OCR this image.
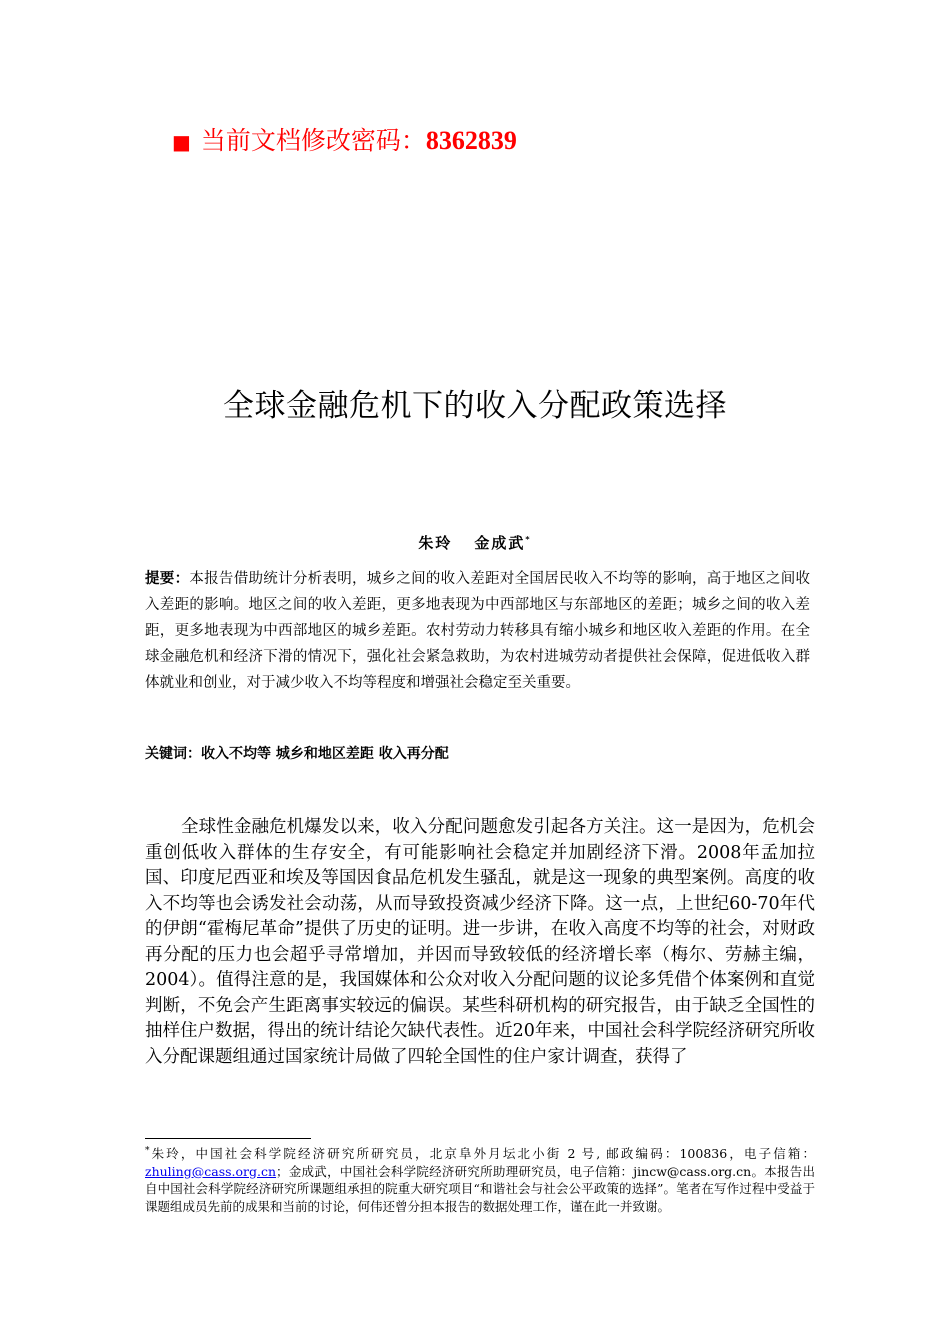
■ 当前文档修改密码：8362839
全球金融危机下的收入分配政策选择
朱玲 金成武*
提要：本报告借助统计分析表明，城乡之间的收入差距对全国居民收入不均等的影响，高于地区之间收入差距的影响。地区之间的收入差距，更多地表现为中西部地区与东部地区的差距；城乡之间的收入差距，更多地表现为中西部地区的城乡差距。农村劳动力转移具有缩小城乡和地区收入差距的作用。在全球金融危机和经济下滑的情况下，强化社会紧急救助，为农村进城劳动者提供社会保障，促进低收入群体就业和创业，对于减少收入不均等程度和增强社会稳定至关重要。
关键词：收入不均等 城乡和地区差距 收入再分配
全球性金融危机爆发以来，收入分配问题愈发引起各方关注。这一是因为，危机会重创低收入群体的生存安全，有可能影响社会稳定并加剧经济下滑。2008年孟加拉国、印度尼西亚和埃及等国因食品危机发生骚乱，就是这一现象的典型案例。高度的收入不均等也会诱发社会动荡，从而导致投资减少经济下降。这一点，上世纪60-70年代的伊朗“霍梅尼革命”提供了历史的证明。进一步讲，在收入高度不均等的社会，对财政再分配的压力也会超乎寻常增加，并因而导致较低的经济增长率（梅尔、劳赫主编，2004）。值得注意的是，我国媒体和公众对收入分配问题的议论多凭借个体案例和直觉判断，不免会产生距离事实较远的偏误。某些科研机构的研究报告，由于缺乏全国性的抽样住户数据，得出的统计结论欠缺代表性。近20年来，中国社会科学院经济研究所收入分配课题组通过国家统计局做了四轮全国性的住户家计调查，获得了
*朱玲，中国社会科学院经济研究所研究员，北京阜外月坛北小街 2 号, 邮政编码：100836，电子信箱：zhuling@cass.org.cn；金成武，中国社会科学院经济研究所助理研究员，电子信箱：jincw@cass.org.cn。本报告出自中国社会科学院经济研究所课题组承担的院重大研究项目“和谐社会与社会公平政策的选择”。笔者在写作过程中受益于课题组成员先前的成果和当前的讨论，何伟还曾分担本报告的数据处理工作，谨在此一并致谢。
